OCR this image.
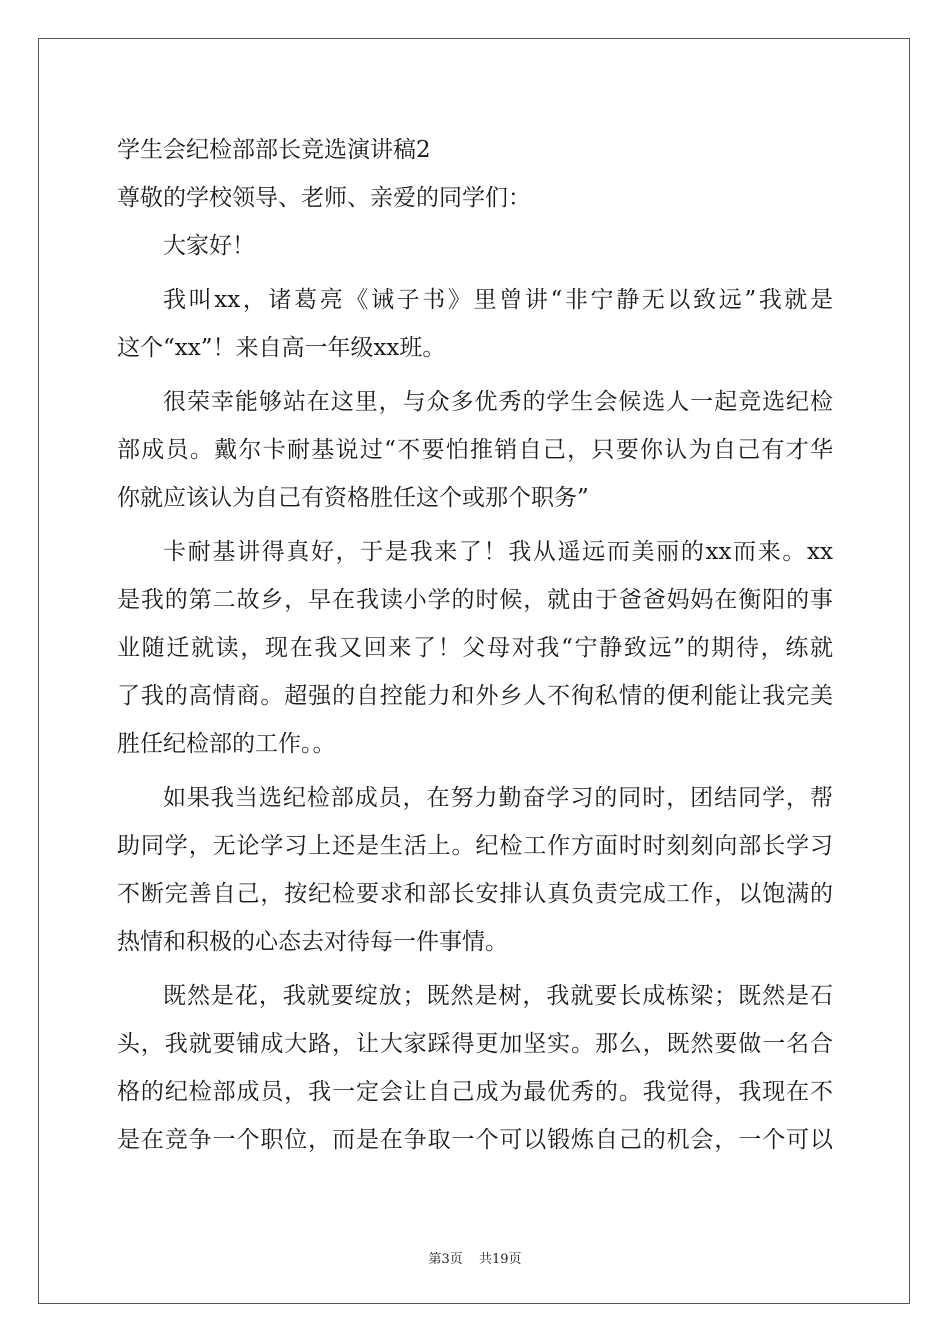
学生会纪检部部长竞选演讲稿2
尊敬的学校领导、老师、亲爱的同学们：
大家好！
我叫xx，诸葛亮《诫子书》里曾讲“非宁静无以致远”我就是
这个“xx”！来自高一年级xx班。
很荣幸能够站在这里，与众多优秀的学生会候选人一起竞选纪检
部成员。戴尔卡耐基说过“不要怕推销自己，只要你认为自己有才华
你就应该认为自己有资格胜任这个或那个职务”
卡耐基讲得真好，于是我来了！我从遥远而美丽的xx而来。xx
是我的第二故乡，早在我读小学的时候，就由于爸爸妈妈在衡阳的事
业随迁就读，现在我又回来了！父母对我“宁静致远”的期待，练就
了我的高情商。超强的自控能力和外乡人不徇私情的便利能让我完美
胜任纪检部的工作。。
如果我当选纪检部成员，在努力勤奋学习的同时，团结同学，帮
助同学，无论学习上还是生活上。纪检工作方面时时刻刻向部长学习
不断完善自己，按纪检要求和部长安排认真负责完成工作，以饱满的
热情和积极的心态去对待每一件事情。
既然是花，我就要绽放；既然是树，我就要长成栋梁；既然是石
头，我就要铺成大路，让大家踩得更加坚实。那么，既然要做一名合
格的纪检部成员，我一定会让自己成为最优秀的。我觉得，我现在不
是在竞争一个职位，而是在争取一个可以锻炼自己的机会，一个可以
第3页 共19页
